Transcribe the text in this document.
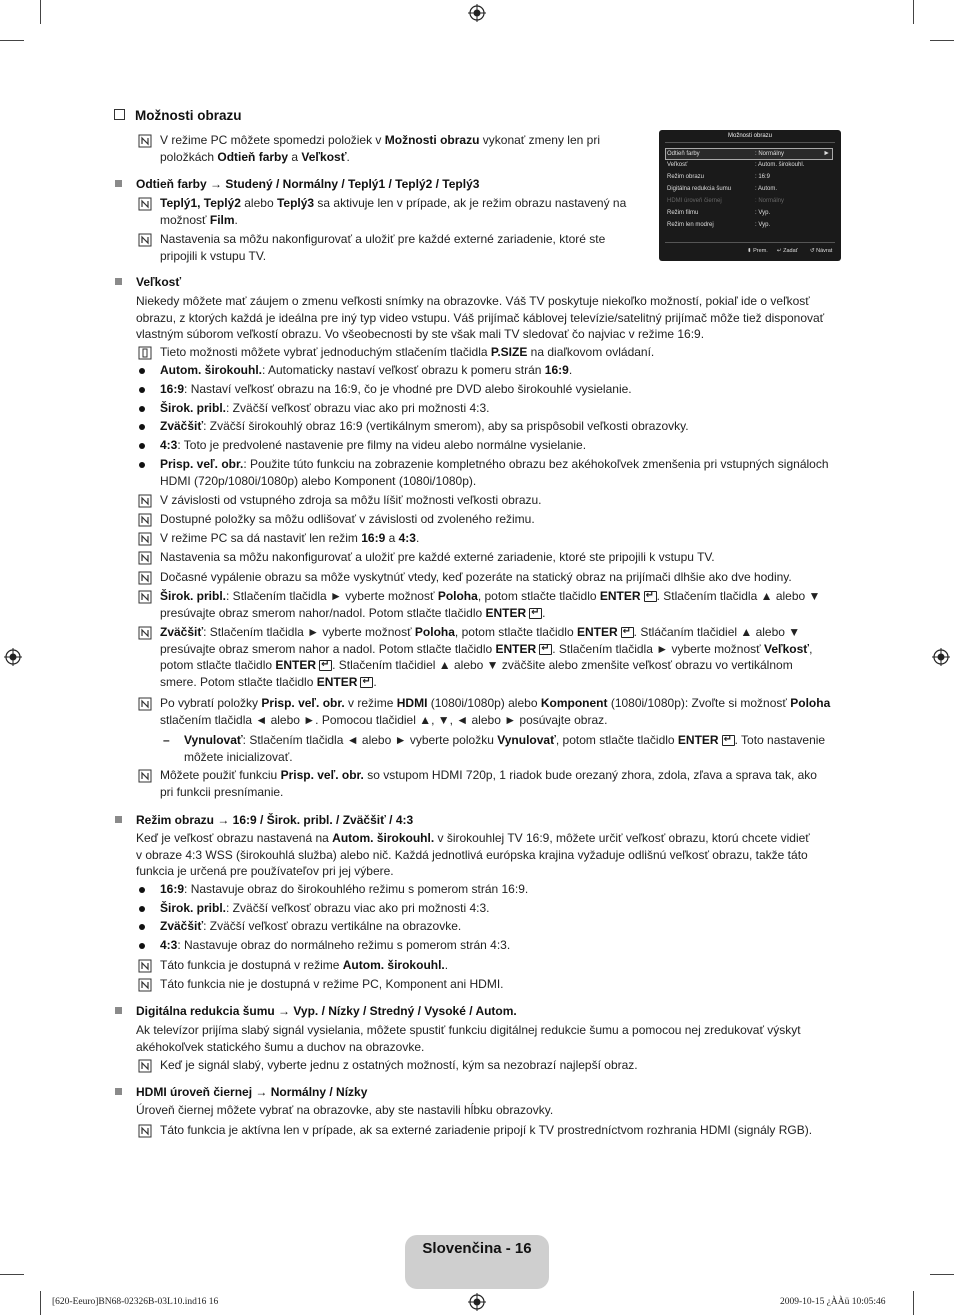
Možnosti obrazu
V režime PC môžete spomedzi položiek v Možnosti obrazu vykonať zmeny len pri
položkách Odtieň farby a Veľkosť.
Možnosti obrazu
Odtieň farby	: Normálny	►
Veľkosť	: Autom. širokouhl.
Režim obrazu	: 16:9
Digitálna redukcia šumu	: Autom.
HDMI úroveň čiernej	: Normálny
Režim filmu	: Vyp.
Režim len modrej	: Vyp.
⬍ Prem. ↵ Zadať ↺ Návrat
Odtieň farby → Studený / Normálny / Teplý1 / Teplý2 / Teplý3
Teplý1, Teplý2 alebo Teplý3 sa aktivuje len v prípade, ak je režim obrazu nastavený na
možnosť Film.
Nastavenia sa môžu nakonfigurovať a uložiť pre každé externé zariadenie, ktoré ste
pripojili k vstupu TV.
Veľkosť
Niekedy môžete mať záujem o zmenu veľkosti snímky na obrazovke. Váš TV poskytuje niekoľko možností, pokiaľ ide o veľkosť
obrazu, z ktorých každá je ideálna pre iný typ video vstupu. Váš prijímač káblovej televízie/satelitný prijímač môže tiež disponovať
vlastným súborom veľkostí obrazu. Vo všeobecnosti by ste však mali TV sledovať čo najviac v režime 16:9.
Tieto možnosti môžete vybrať jednoduchým stlačením tlačidla P.SIZE na diaľkovom ovládaní.
Autom. širokouhl.: Automaticky nastaví veľkosť obrazu k pomeru strán 16:9.
16:9: Nastaví veľkosť obrazu na 16:9, čo je vhodné pre DVD alebo širokouhlé vysielanie.
Širok. pribl.: Zväčší veľkosť obrazu viac ako pri možnosti 4:3.
Zväčšiť: Zväčší širokouhlý obraz 16:9 (vertikálnym smerom), aby sa prispôsobil veľkosti obrazovky.
4:3: Toto je predvolené nastavenie pre filmy na videu alebo normálne vysielanie.
Prisp. veľ. obr.: Použite túto funkciu na zobrazenie kompletného obrazu bez akéhokoľvek zmenšenia pri vstupných signáloch
HDMI (720p/1080i/1080p) alebo Komponent (1080i/1080p).
V závislosti od vstupného zdroja sa môžu líšiť možnosti veľkosti obrazu.
Dostupné položky sa môžu odlišovať v závislosti od zvoleného režimu.
V režime PC sa dá nastaviť len režim 16:9 a 4:3.
Nastavenia sa môžu nakonfigurovať a uložiť pre každé externé zariadenie, ktoré ste pripojili k vstupu TV.
Dočasné vypálenie obrazu sa môže vyskytnúť vtedy, keď pozeráte na statický obraz na prijímači dlhšie ako dve hodiny.
Širok. pribl.: Stlačením tlačidla ► vyberte možnosť Poloha, potom stlačte tlačidlo ENTER ↵ . Stlačením tlačidla ▲ alebo ▼
presúvajte obraz smerom nahor/nadol. Potom stlačte tlačidlo ENTER ↵ .
Zväčšiť: Stlačením tlačidla ► vyberte možnosť Poloha, potom stlačte tlačidlo ENTER ↵ . Stláčaním tlačidiel ▲ alebo ▼
presúvajte obraz smerom nahor a nadol. Potom stlačte tlačidlo ENTER ↵ . Stlačením tlačidla ► vyberte možnosť Veľkosť,
potom stlačte tlačidlo ENTER ↵ . Stlačením tlačidiel ▲ alebo ▼ zväčšite alebo zmenšite veľkosť obrazu vo vertikálnom
smere. Potom stlačte tlačidlo ENTER ↵ .
Po vybratí položky Prisp. veľ. obr. v režime HDMI (1080i/1080p) alebo Komponent (1080i/1080p): Zvoľte si možnosť Poloha
stlačením tlačidla ◄ alebo ►. Pomocou tlačidiel ▲, ▼, ◄ alebo ► posúvajte obraz.
– Vynulovať: Stlačením tlačidla ◄ alebo ► vyberte položku Vynulovať, potom stlačte tlačidlo ENTER ↵ . Toto nastavenie
môžete inicializovať.
Môžete použiť funkciu Prisp. veľ. obr. so vstupom HDMI 720p, 1 riadok bude orezaný zhora, zdola, zľava a sprava tak, ako
pri funkcii presnímanie.
Režim obrazu → 16:9 / Širok. pribl. / Zväčšiť / 4:3
Keď je veľkosť obrazu nastavená na Autom. širokouhl. v širokouhlej TV 16:9, môžete určiť veľkosť obrazu, ktorú chcete vidieť
v obraze 4:3 WSS (širokouhlá služba) alebo nič. Každá jednotlivá európska krajina vyžaduje odlišnú veľkosť obrazu, takže táto
funkcia je určená pre používateľov pri jej výbere.
16:9: Nastavuje obraz do širokouhlého režimu s pomerom strán 16:9.
Širok. pribl.: Zväčší veľkosť obrazu viac ako pri možnosti 4:3.
Zväčšiť: Zväčší veľkosť obrazu vertikálne na obrazovke.
4:3: Nastavuje obraz do normálneho režimu s pomerom strán 4:3.
Táto funkcia je dostupná v režime Autom. širokouhl..
Táto funkcia nie je dostupná v režime PC, Komponent ani HDMI.
Digitálna redukcia šumu → Vyp. / Nízky / Stredný / Vysoké / Autom.
Ak televízor prijíma slabý signál vysielania, môžete spustiť funkciu digitálnej redukcie šumu a pomocou nej zredukovať výskyt
akéhokoľvek statického šumu a duchov na obrazovke.
Keď je signál slabý, vyberte jednu z ostatných možností, kým sa nezobrazí najlepší obraz.
HDMI úroveň čiernej → Normálny / Nízky
Úroveň čiernej môžete vybrať na obrazovke, aby ste nastavili hĺbku obrazovky.
Táto funkcia je aktívna len v prípade, ak sa externé zariadenie pripojí k TV prostredníctvom rozhrania HDMI (signály RGB).
Slovenčina - 16
[620-Eeuro]BN68-02326B-03L10.ind16 16	2009-10-15 ¿ÀÀü 10:05:46
